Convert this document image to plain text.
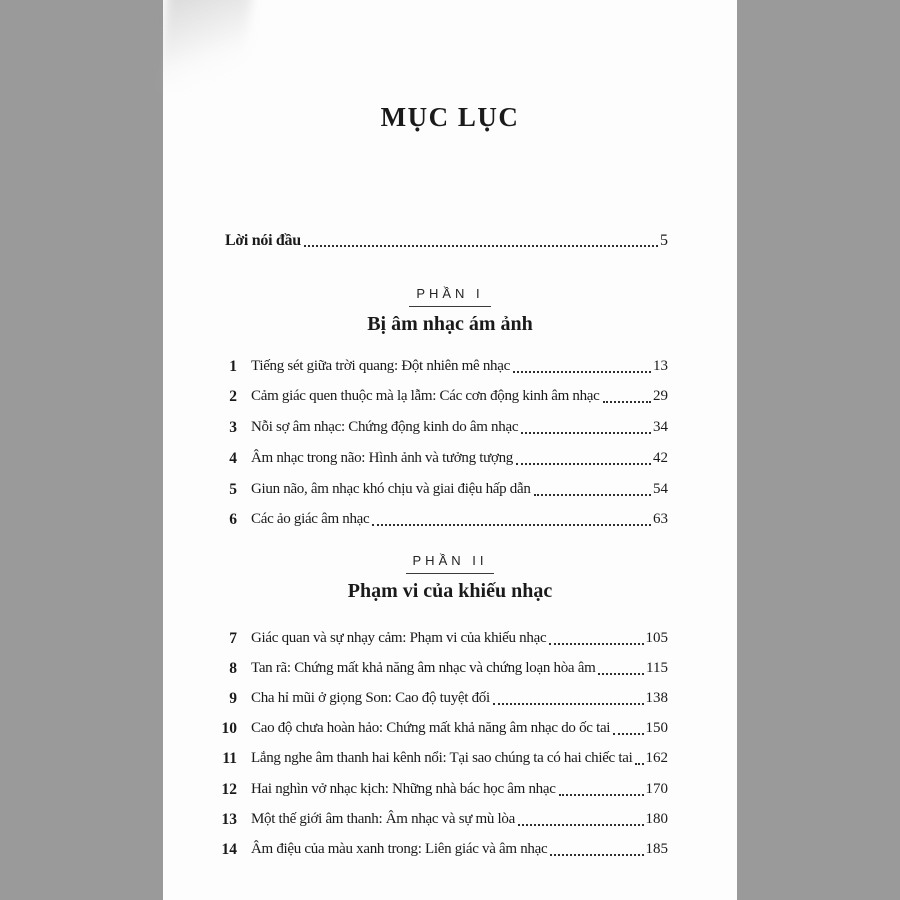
MỤC LỤC
Lời nói đầu	5
PHẦN I
Bị âm nhạc ám ảnh
1 Tiếng sét giữa trời quang: Đột nhiên mê nhạc	13
2 Cảm giác quen thuộc mà lạ lẫm: Các cơn động kinh âm nhạc	29
3 Nỗi sợ âm nhạc: Chứng động kinh do âm nhạc	34
4 Âm nhạc trong não: Hình ảnh và tưởng tượng	42
5 Giun não, âm nhạc khó chịu và giai điệu hấp dẫn	54
6 Các ảo giác âm nhạc	63
PHẦN II
Phạm vi của khiếu nhạc
7 Giác quan và sự nhạy cảm: Phạm vi của khiếu nhạc	105
8 Tan rã: Chứng mất khả năng âm nhạc và chứng loạn hòa âm	115
9 Cha hỉ mũi ở giọng Son: Cao độ tuyệt đối	138
10 Cao độ chưa hoàn hảo: Chứng mất khả năng âm nhạc do ốc tai 150
11 Lắng nghe âm thanh hai kênh nổi: Tại sao chúng ta có hai chiếc tai 162
12 Hai nghìn vở nhạc kịch: Những nhà bác học âm nhạc	170
13 Một thế giới âm thanh: Âm nhạc và sự mù lòa	180
14 Âm điệu của màu xanh trong: Liên giác và âm nhạc	185
